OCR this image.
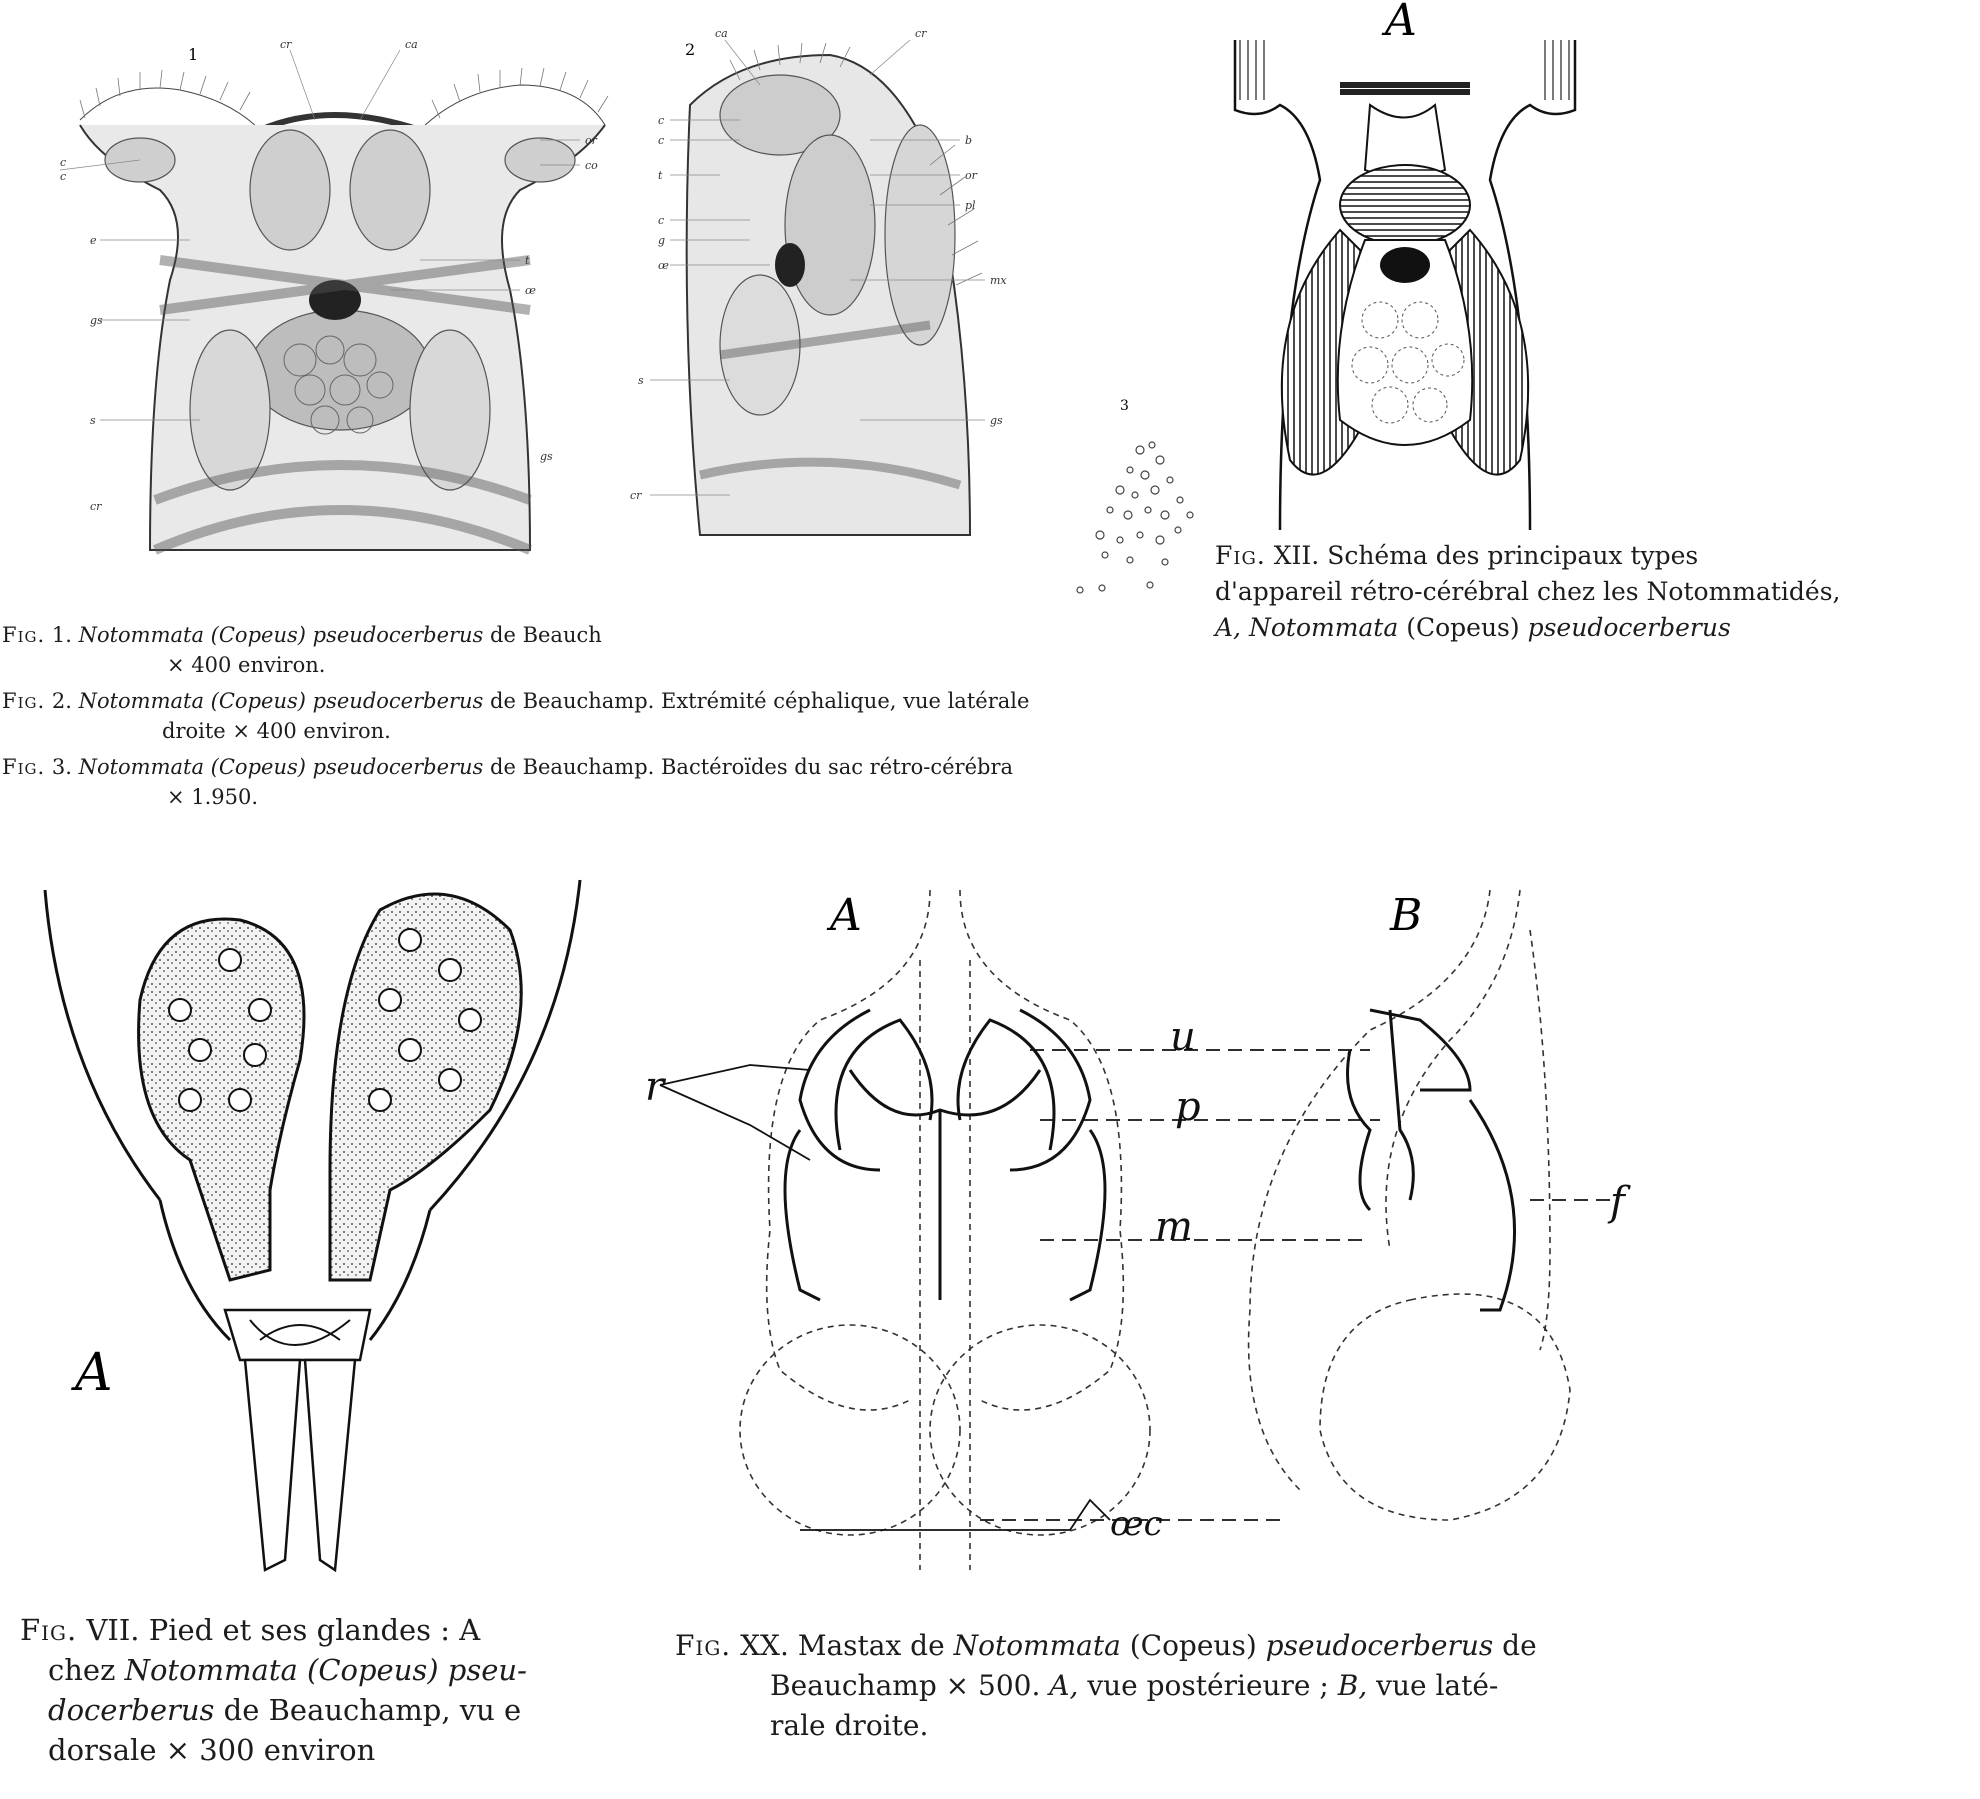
1
cr	ca
c
c
or
co
e
t
œ
gs
s
gs
cr
2
ca	cr
c
c	b
t	or
pl
c
g
œ
mx
s
gs
cr
3
A
Fig. XII. Schéma des principaux types
d'appareil rétro-cérébral chez les Notommatidés,
A, Notommata (Copeus) pseudocerberus
Fig. 1. Notommata (Copeus) pseudocerberus de Beauch
× 400 environ.
Fig. 2. Notommata (Copeus) pseudocerberus de Beauchamp. Extrémité céphalique, vue latérale
droite × 400 environ.
Fig. 3. Notommata (Copeus) pseudocerberus de Beauchamp. Bactéroïdes du sac rétro-cérébra
× 1.950.
A
Fig. VII. Pied et ses glandes : A
chez Notommata (Copeus) pseu-
docerberus de Beauchamp, vu e
dorsale × 300 environ
A	B
r
u
p
m
f
œc
Fig. XX. Mastax de Notommata (Copeus) pseudocerberus de
Beauchamp × 500. A, vue postérieure ; B, vue laté-
rale droite.
